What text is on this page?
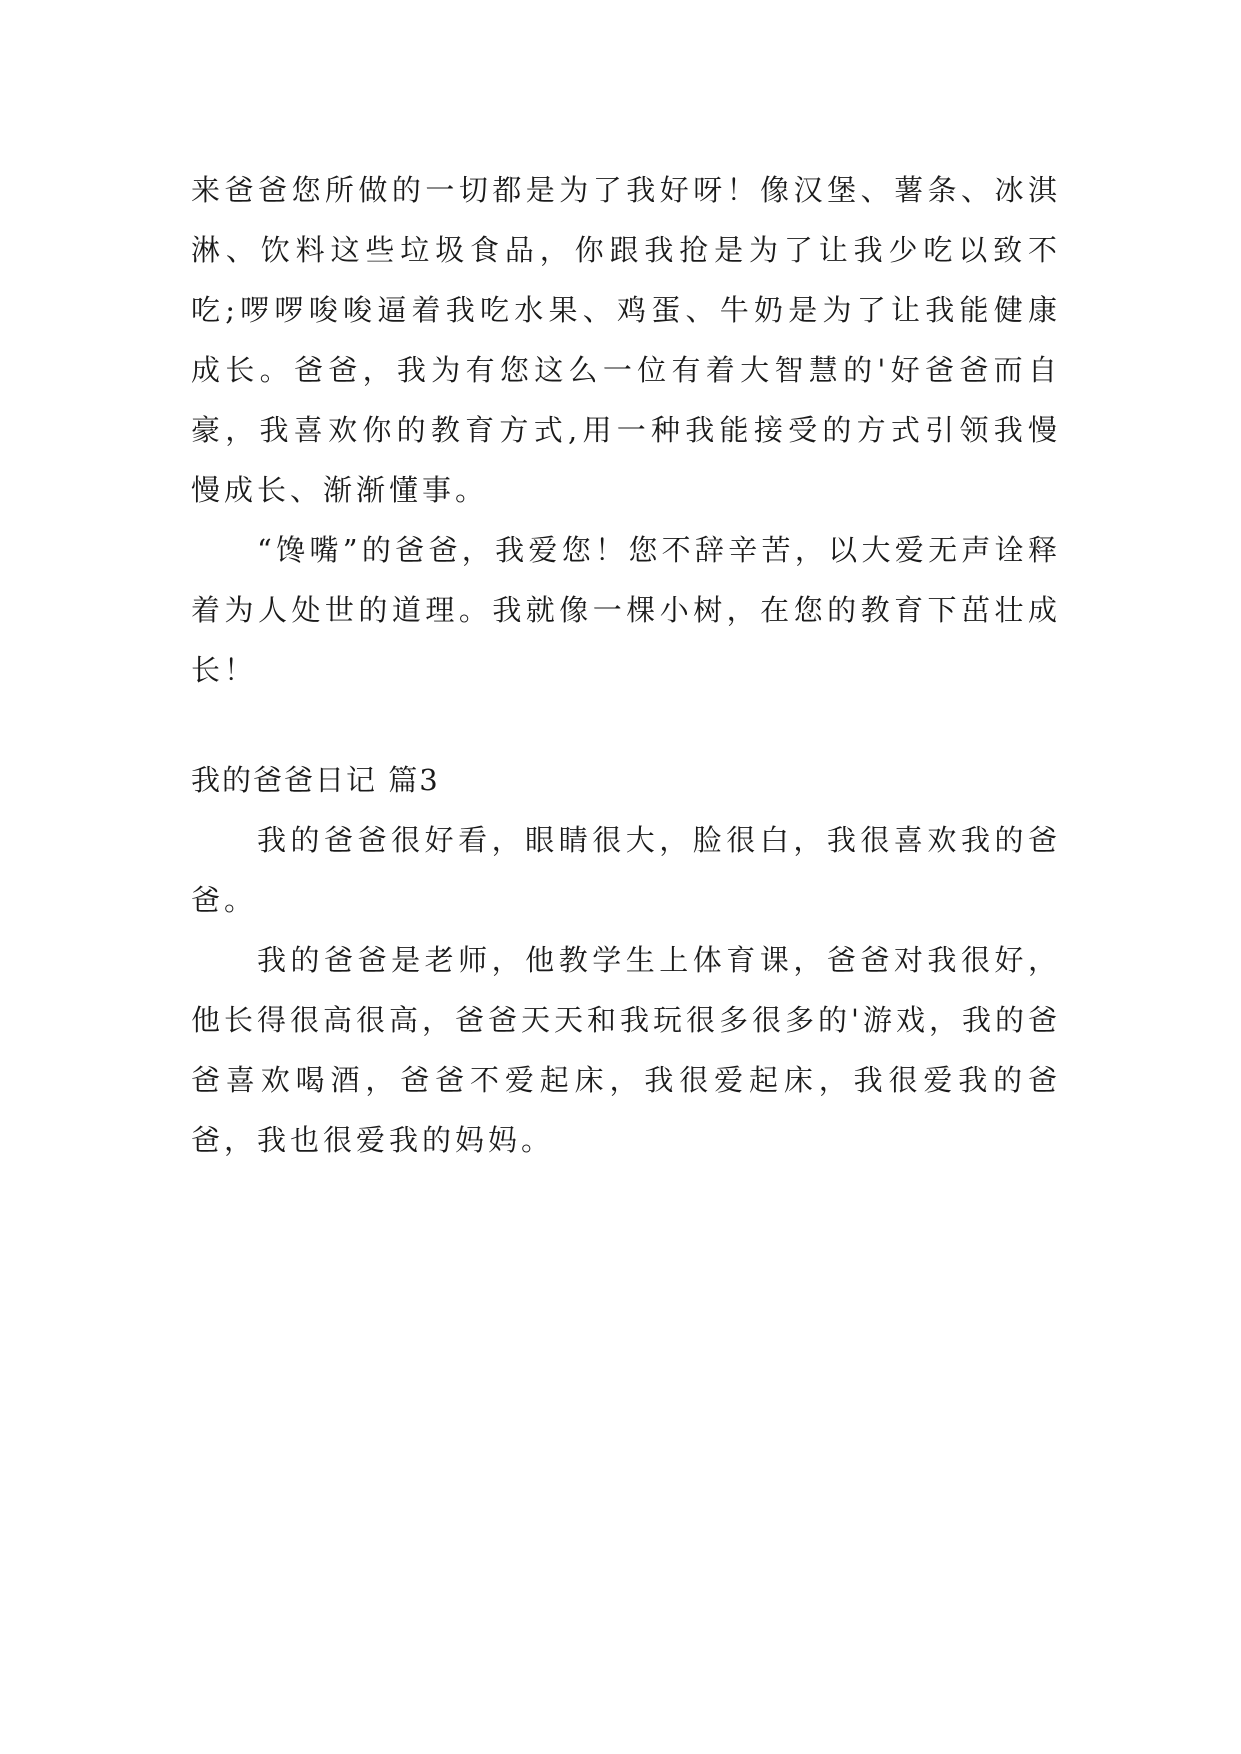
来爸爸您所做的一切都是为了我好呀！像汉堡、薯条、冰淇淋、饮料这些垃圾食品，你跟我抢是为了让我少吃以致不吃;啰啰唆唆逼着我吃水果、鸡蛋、牛奶是为了让我能健康成长。爸爸，我为有您这么一位有着大智慧的'好爸爸而自豪，我喜欢你的教育方式,用一种我能接受的方式引领我慢慢成长、渐渐懂事。

“馋嘴”的爸爸，我爱您！您不辞辛苦，以大爱无声诠释着为人处世的道理。我就像一棵小树，在您的教育下茁壮成长！

我的爸爸日记 篇3

我的爸爸很好看，眼睛很大，脸很白，我很喜欢我的爸爸。

我的爸爸是老师，他教学生上体育课，爸爸对我很好，他长得很高很高，爸爸天天和我玩很多很多的'游戏，我的爸爸喜欢喝酒，爸爸不爱起床，我很爱起床，我很爱我的爸爸，我也很爱我的妈妈。
